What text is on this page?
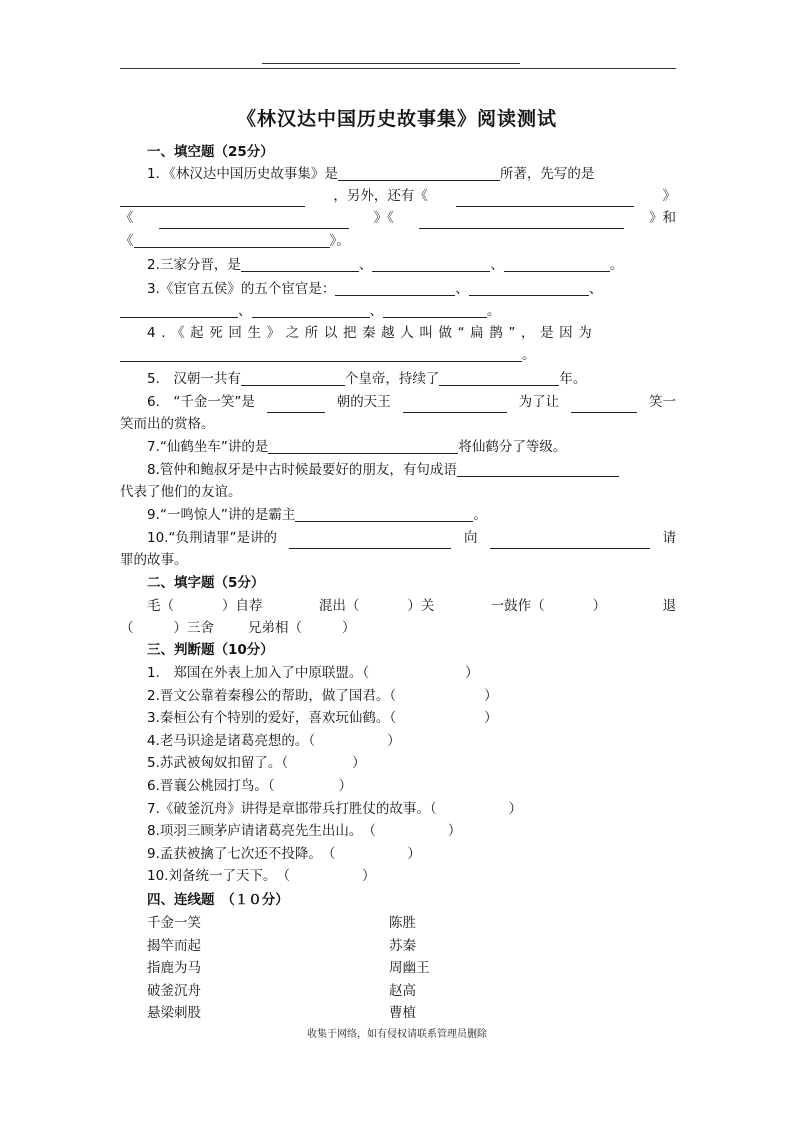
《林汉达中国历史故事集》阅读测试
一、填空题（25分）
1．《林汉达中国历史故事集》是	所著，先写的是
，另外，还有《	》
《	》《	》和
《	》。
2.三家分晋，是	、	、	。
3.《宦官五侯》的五个宦官是：	、	、
、	、	。
4.《起死回生》之所以把秦越人叫做“扁鹊”，是因为
。
5.　汉朝一共有	个皇帝，持续了	年。
6.　“千金一笑”是	朝的天王	为了让	笑一
笑而出的赏格。
7.“仙鹤坐车”讲的是	将仙鹤分了等级。
8.管仲和鲍叔牙是中古时候最要好的朋友，有句成语
代表了他们的友谊。
9.“一鸣惊人”讲的是霸主	。
10.“负荆请罪”是讲的	向	请
罪的故事。
二、填字题（5分）
毛（	）自荐	混出（	）关	一鼓作（	）	退
（	）三舍	兄弟相（	）
三、判断题（10分）
1.　郑国在外表上加入了中原联盟。（	）
2.晋文公靠着秦穆公的帮助，做了国君。（	）
3.秦桓公有个特别的爱好，喜欢玩仙鹤。（	）
4.老马识途是诸葛亮想的。（	）
5.苏武被匈奴扣留了。（	）
6.晋襄公桃园打鸟。（	）
7.《破釜沉舟》讲得是章邯带兵打胜仗的故事。（	）
8.项羽三顾茅庐请诸葛亮先生出山。　（	）
9.孟获被擒了七次还不投降。　（	）
10.刘备统一了天下。　（	）
四、连线题　（１０分）
千金一笑	陈胜
揭竿而起	苏秦
指鹿为马	周幽王
破釜沉舟	赵高
悬梁刺股	曹植
收集于网络，如有侵权请联系管理员删除
